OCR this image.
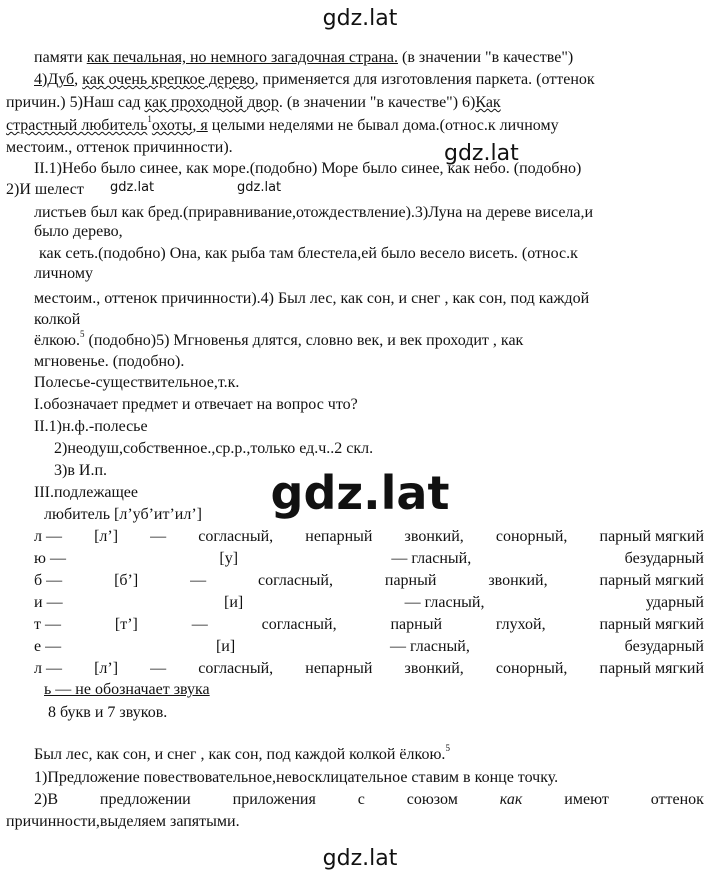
gdz.lat
gdz.lat
gdz.lat	gdz.lat
gdz.lat
gdz.lat
памяти как печальная, но немного загадочная страна. (в значении "в качестве")
4)Дуб, как очень крепкое дерево, применяется для изготовления паркета. (оттенок
причин.) 5)Наш сад как проходной двор. (в значении "в качестве") 6)Как
страстный любитель$^1$охоты, я целыми неделями не бывал дома.(относ.к личному
местоим., оттенок причинности).
II.1)Небо было синее, как море.(подобно) Море было синее, как небо. (подобно)
2)И шелест
листьев был как бред.(приравнивание,отождествление).3)Луна на дереве висела,и
было дерево,
как сеть.(подобно) Она, как рыба там блестела,ей было весело висеть. (относ.к
личному
местоим., оттенок причинности).4) Был лес, как сон, и снег , как сон, под каждой
колкой
ёлкою.$^5$ (подобно)5) Мгновенья длятся, словно век, и век проходит , как
мгновенье. (подобно).
Полесье-существительное,т.к.
I.обозначает предмет и отвечает на вопрос что?
II.1)н.ф.-полесье
2)неодуш,собственное.,ср.р.,только ед.ч..2 скл.
3)в И.п.
III.подлежащее
любитель [л’уб’ит’ил’]
л — [л’] — согласный, непарный звонкий, сонорный, парный мягкий
ю —	[у]	— гласный,	безударный
б —	[б’]	—	согласный,	парный	звонкий,	парный мягкий
и —	[и]	— гласный,	ударный
т —	[т’]	—	согласный,	парный	глухой,	парный мягкий
е —	[и]	— гласный,	безударный
л — [л’] — согласный, непарный звонкий, сонорный, парный мягкий
ь — не обозначает звука
8 букв и 7 звуков.
Был лес, как сон, и снег , как сон, под каждой колкой ёлкою.$^5$
1)Предложение повествовательное,невосклицательное ставим в конце точку.
2)В	предложении	приложения	с	союзом	как	имеют	оттенок
причинности,выделяем запятыми.
